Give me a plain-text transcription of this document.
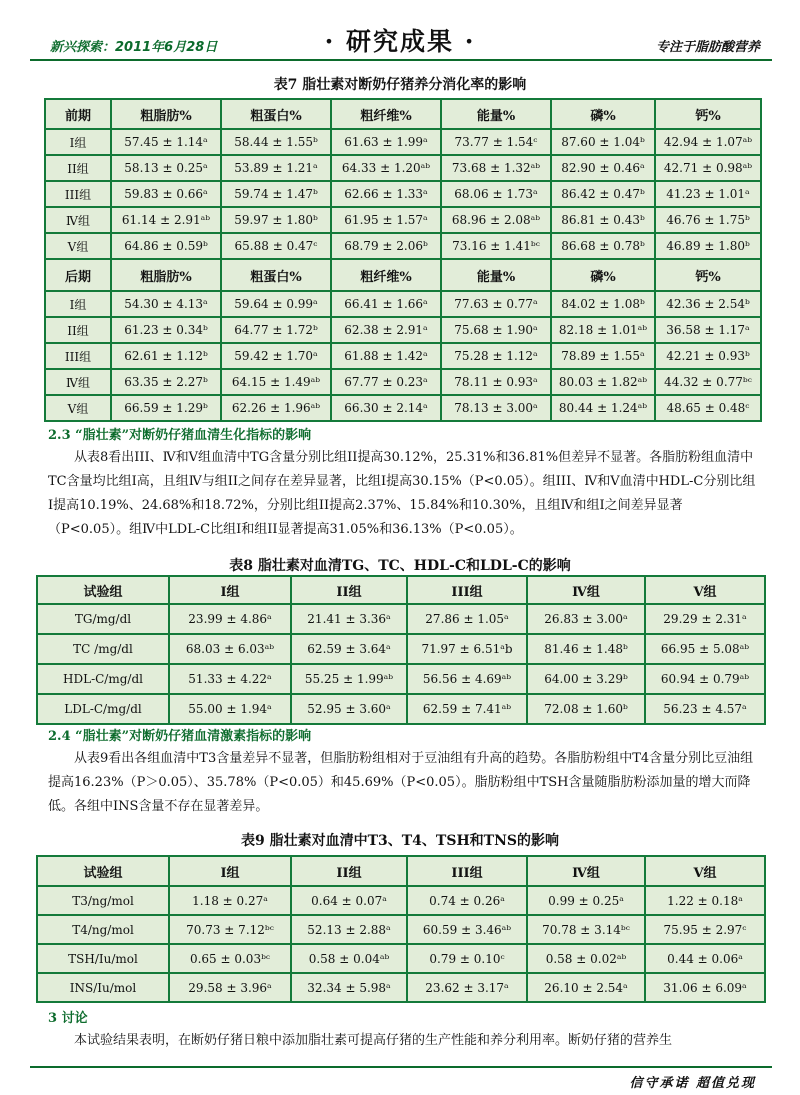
新兴探索：2011年6月28日	· 研究成果 ·	专注于脂肪酸营养
表7 脂壮素对断奶仔猪养分消化率的影响
前期	粗脂肪%	粗蛋白%	粗纤维%	能量%	磷%	钙%
I组	57.45 ± 1.14ᵃ	58.44 ± 1.55ᵇ	61.63 ± 1.99ᵃ	73.77 ± 1.54ᶜ	87.60 ± 1.04ᵇ	42.94 ± 1.07ᵃᵇ
II组	58.13 ± 0.25ᵃ	53.89 ± 1.21ᵃ	64.33 ± 1.20ᵃᵇ	73.68 ± 1.32ᵃᵇ	82.90 ± 0.46ᵃ	42.71 ± 0.98ᵃᵇ
III组	59.83 ± 0.66ᵃ	59.74 ± 1.47ᵇ	62.66 ± 1.33ᵃ	68.06 ± 1.73ᵃ	86.42 ± 0.47ᵇ	41.23 ± 1.01ᵃ
Ⅳ组	61.14 ± 2.91ᵃᵇ	59.97 ± 1.80ᵇ	61.95 ± 1.57ᵃ	68.96 ± 2.08ᵃᵇ	86.81 ± 0.43ᵇ	46.76 ± 1.75ᵇ
Ⅴ组	64.86 ± 0.59ᵇ	65.88 ± 0.47ᶜ	68.79 ± 2.06ᵇ	73.16 ± 1.41ᵇᶜ	86.68 ± 0.78ᵇ	46.89 ± 1.80ᵇ
后期	粗脂肪%	粗蛋白%	粗纤维%	能量%	磷%	钙%
I组	54.30 ± 4.13ᵃ	59.64 ± 0.99ᵃ	66.41 ± 1.66ᵃ	77.63 ± 0.77ᵃ	84.02 ± 1.08ᵇ	42.36 ± 2.54ᵇ
II组	61.23 ± 0.34ᵇ	64.77 ± 1.72ᵇ	62.38 ± 2.91ᵃ	75.68 ± 1.90ᵃ	82.18 ± 1.01ᵃᵇ	36.58 ± 1.17ᵃ
III组	62.61 ± 1.12ᵇ	59.42 ± 1.70ᵃ	61.88 ± 1.42ᵃ	75.28 ± 1.12ᵃ	78.89 ± 1.55ᵃ	42.21 ± 0.93ᵇ
Ⅳ组	63.35 ± 2.27ᵇ	64.15 ± 1.49ᵃᵇ	67.77 ± 0.23ᵃ	78.11 ± 0.93ᵃ	80.03 ± 1.82ᵃᵇ	44.32 ± 0.77ᵇᶜ
Ⅴ组	66.59 ± 1.29ᵇ	62.26 ± 1.96ᵃᵇ	66.30 ± 2.14ᵃ	78.13 ± 3.00ᵃ	80.44 ± 1.24ᵃᵇ	48.65 ± 0.48ᶜ
2.3 “脂壮素”对断奶仔猪血清生化指标的影响
从表8看出III、Ⅳ和Ⅴ组血清中TG含量分别比组II提高30.12%，25.31%和36.81%但差异不显著。各脂肪粉组血清中TC含量均比组I高，且组Ⅳ与组II之间存在差异显著，比组I提高30.15%（P<0.05）。组III、Ⅳ和Ⅴ血清中HDL-C分别比组I提高10.19%、24.68%和18.72%，分别比组II提高2.37%、15.84%和10.30%，且组Ⅳ和组I之间差异显著（P<0.05）。组Ⅳ中LDL-C比组I和组II显著提高31.05%和36.13%（P<0.05）。
表8 脂壮素对血清TG、TC、HDL-C和LDL-C的影响
试验组	I组	II组	III组	Ⅳ组	Ⅴ组
TG/mg/dl	23.99 ± 4.86ᵃ	21.41 ± 3.36ᵃ	27.86 ± 1.05ᵃ	26.83 ± 3.00ᵃ	29.29 ± 2.31ᵃ
TC /mg/dl	68.03 ± 6.03ᵃᵇ	62.59 ± 3.64ᵃ	71.97 ± 6.51ᵃb	81.46 ± 1.48ᵇ	66.95 ± 5.08ᵃᵇ
HDL-C/mg/dl	51.33 ± 4.22ᵃ	55.25 ± 1.99ᵃᵇ	56.56 ± 4.69ᵃᵇ	64.00 ± 3.29ᵇ	60.94 ± 0.79ᵃᵇ
LDL-C/mg/dl	55.00 ± 1.94ᵃ	52.95 ± 3.60ᵃ	62.59 ± 7.41ᵃᵇ	72.08 ± 1.60ᵇ	56.23 ± 4.57ᵃ
2.4 “脂壮素”对断奶仔猪血清激素指标的影响
从表9看出各组血清中T3含量差异不显著，但脂肪粉组相对于豆油组有升高的趋势。各脂肪粉组中T4含量分别比豆油组提高16.23%（P＞0.05）、35.78%（P<0.05）和45.69%（P<0.05）。脂肪粉组中TSH含量随脂肪粉添加量的增大而降低。各组中INS含量不存在显著差异。
表9 脂壮素对血清中T3、T4、TSH和TNS的影响
试验组	I组	II组	III组	Ⅳ组	Ⅴ组
T3/ng/mol	1.18 ± 0.27ᵃ	0.64 ± 0.07ᵃ	0.74 ± 0.26ᵃ	0.99 ± 0.25ᵃ	1.22 ± 0.18ᵃ
T4/ng/mol	70.73 ± 7.12ᵇᶜ	52.13 ± 2.88ᵃ	60.59 ± 3.46ᵃᵇ	70.78 ± 3.14ᵇᶜ	75.95 ± 2.97ᶜ
TSH/Iu/mol	0.65 ± 0.03ᵇᶜ	0.58 ± 0.04ᵃᵇ	0.79 ± 0.10ᶜ	0.58 ± 0.02ᵃᵇ	0.44 ± 0.06ᵃ
INS/Iu/mol	29.58 ± 3.96ᵃ	32.34 ± 5.98ᵃ	23.62 ± 3.17ᵃ	26.10 ± 2.54ᵃ	31.06 ± 6.09ᵃ
3 讨论
本试验结果表明，在断奶仔猪日粮中添加脂壮素可提高仔猪的生产性能和养分利用率。断奶仔猪的营养生
信守承诺 超值兑现
